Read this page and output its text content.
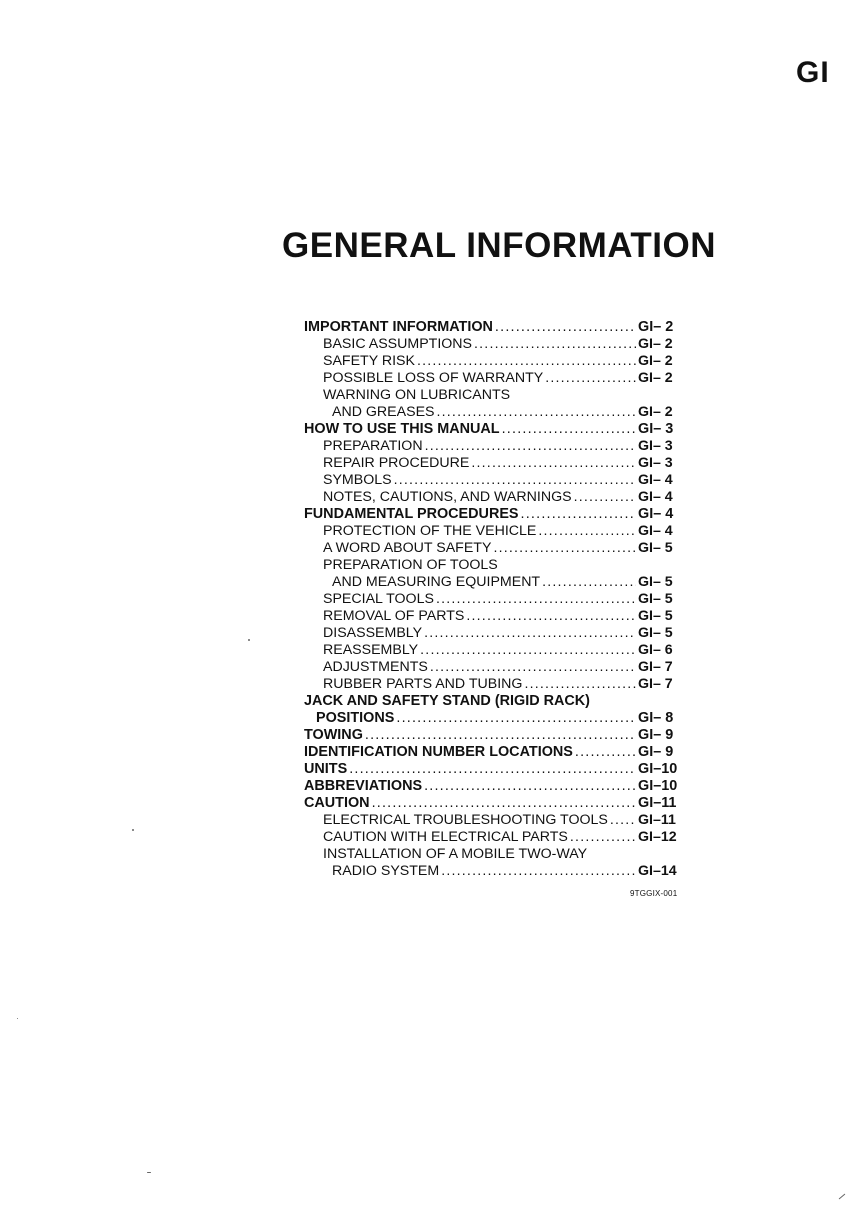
GI
GENERAL INFORMATION
IMPORTANT INFORMATION .....	GI– 2
BASIC ASSUMPTIONS .....	GI– 2
SAFETY RISK .....	GI– 2
POSSIBLE LOSS OF WARRANTY .....	GI– 2
WARNING ON LUBRICANTS
AND GREASES .....	GI– 2
HOW TO USE THIS MANUAL .....	GI– 3
PREPARATION .....	GI– 3
REPAIR PROCEDURE .....	GI– 3
SYMBOLS .....	GI– 4
NOTES, CAUTIONS, AND WARNINGS .....	GI– 4
FUNDAMENTAL PROCEDURES .....	GI– 4
PROTECTION OF THE VEHICLE .....	GI– 4
A WORD ABOUT SAFETY .....	GI– 5
PREPARATION OF TOOLS
AND MEASURING EQUIPMENT .....	GI– 5
SPECIAL TOOLS .....	GI– 5
REMOVAL OF PARTS .....	GI– 5
DISASSEMBLY .....	GI– 5
REASSEMBLY .....	GI– 6
ADJUSTMENTS .....	GI– 7
RUBBER PARTS AND TUBING .....	GI– 7
JACK AND SAFETY STAND (RIGID RACK)
POSITIONS .....	GI– 8
TOWING .....	GI– 9
IDENTIFICATION NUMBER LOCATIONS .....	GI– 9
UNITS .....	GI–10
ABBREVIATIONS .....	GI–10
CAUTION .....	GI–11
ELECTRICAL TROUBLESHOOTING TOOLS ..... GI–11
CAUTION WITH ELECTRICAL PARTS .....	GI–12
INSTALLATION OF A MOBILE TWO-WAY
RADIO SYSTEM .....	GI–14
9TGGIX-001
